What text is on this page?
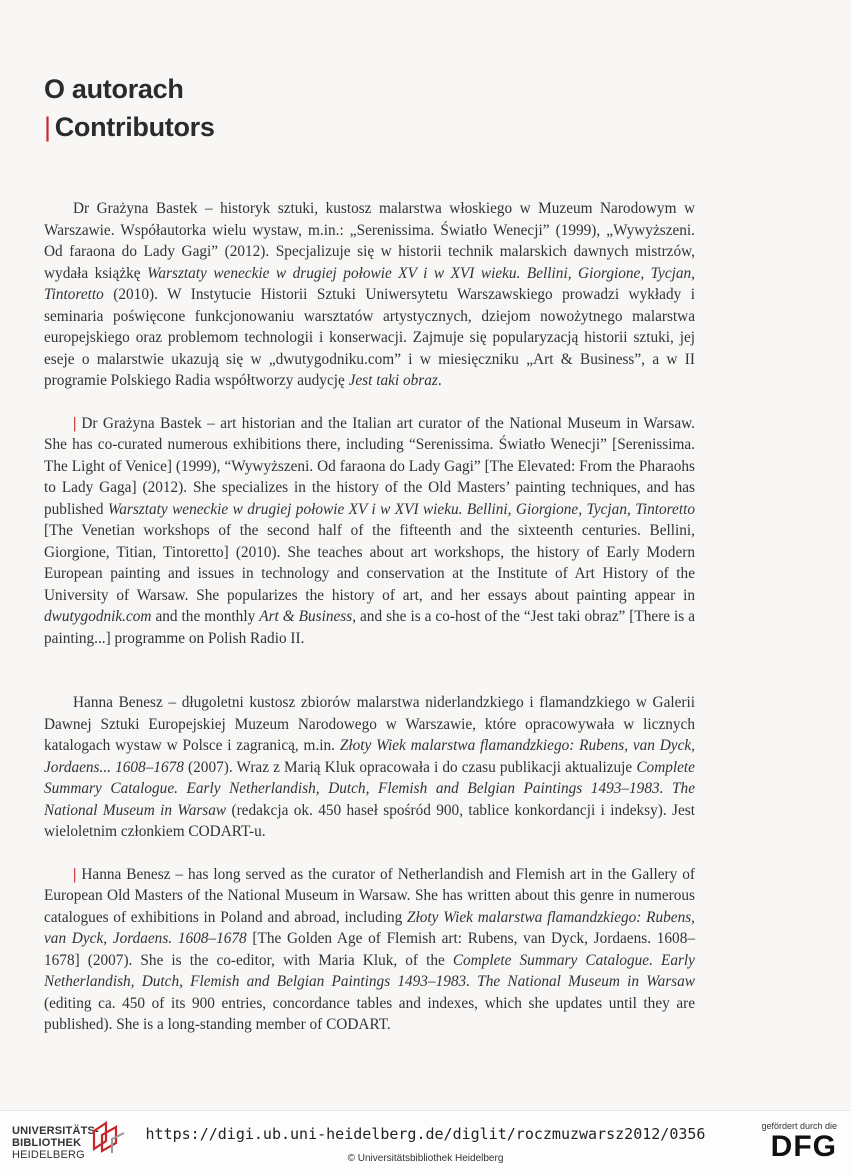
O autorach
| Contributors

Dr Grażyna Bastek – historyk sztuki, kustosz malarstwa włoskiego w Muzeum Narodowym w Warszawie. Współautorka wielu wystaw, m.in.: „Serenissima. Światło Wenecji” (1999), „Wywyższeni. Od faraona do Lady Gagi” (2012). Specjalizuje się w historii technik malarskich dawnych mistrzów, wydała książkę Warsztaty weneckie w drugiej połowie XV i w XVI wieku. Bellini, Giorgione, Tycjan, Tintoretto (2010). W Instytucie Historii Sztuki Uniwersytetu Warszawskiego prowadzi wykłady i seminaria poświęcone funkcjonowaniu warsztatów artystycznych, dziejom nowożytnego malarstwa europejskiego oraz problemom technologii i konserwacji. Zajmuje się popularyzacją historii sztuki, jej eseje o malarstwie ukazują się w „dwutygodniku.com” i w miesięczniku „Art & Business”, a w II programie Polskiego Radia współtworzy audycję Jest taki obraz.

| Dr Grażyna Bastek – art historian and the Italian art curator of the National Museum in Warsaw. She has co-curated numerous exhibitions there, including “Serenissima. Światło Wenecji” [Serenissima. The Light of Venice] (1999), “Wywyższeni. Od faraona do Lady Gagi” [The Elevated: From the Pharaohs to Lady Gaga] (2012). She specializes in the history of the Old Masters’ painting techniques, and has published Warsztaty weneckie w drugiej połowie XV i w XVI wieku. Bellini, Giorgione, Tycjan, Tintoretto [The Venetian workshops of the second half of the fifteenth and the sixteenth centuries. Bellini, Giorgione, Titian, Tintoretto] (2010). She teaches about art workshops, the history of Early Modern European painting and issues in technology and conservation at the Institute of Art History of the University of Warsaw. She popularizes the history of art, and her essays about painting appear in dwutygodnik.com and the monthly Art & Business, and she is a co-host of the “Jest taki obraz” [There is a painting...] programme on Polish Radio II.

Hanna Benesz – długoletni kustosz zbiorów malarstwa niderlandzkiego i flamandzkiego w Galerii Dawnej Sztuki Europejskiej Muzeum Narodowego w Warszawie, które opracowywała w licznych katalogach wystaw w Polsce i zagranicą, m.in. Złoty Wiek malarstwa flamandzkiego: Rubens, van Dyck, Jordaens... 1608–1678 (2007). Wraz z Marią Kluk opracowała i do czasu publikacji aktualizuje Complete Summary Catalogue. Early Netherlandish, Dutch, Flemish and Belgian Paintings 1493–1983. The National Museum in Warsaw (redakcja ok. 450 haseł spośród 900, tablice konkordancji i indeksy). Jest wieloletnim członkiem CODART-u.

| Hanna Benesz – has long served as the curator of Netherlandish and Flemish art in the Gallery of European Old Masters of the National Museum in Warsaw. She has written about this genre in numerous catalogues of exhibitions in Poland and abroad, including Złoty Wiek malarstwa flamandzkiego: Rubens, van Dyck, Jordaens. 1608–1678 [The Golden Age of Flemish art: Rubens, van Dyck, Jordaens. 1608–1678] (2007). She is the co-editor, with Maria Kluk, of the Complete Summary Catalogue. Early Netherlandish, Dutch, Flemish and Belgian Paintings 1493–1983. The National Museum in Warsaw (editing ca. 450 of its 900 entries, concordance tables and indexes, which she updates until they are published). She is a long-standing member of CODART.

UNIVERSITÄTS-
BIBLIOTHEK
HEIDELBERG
https://digi.ub.uni-heidelberg.de/diglit/roczmuzwarsz2012/0356
© Universitätsbibliothek Heidelberg
gefördert durch die
DFG
